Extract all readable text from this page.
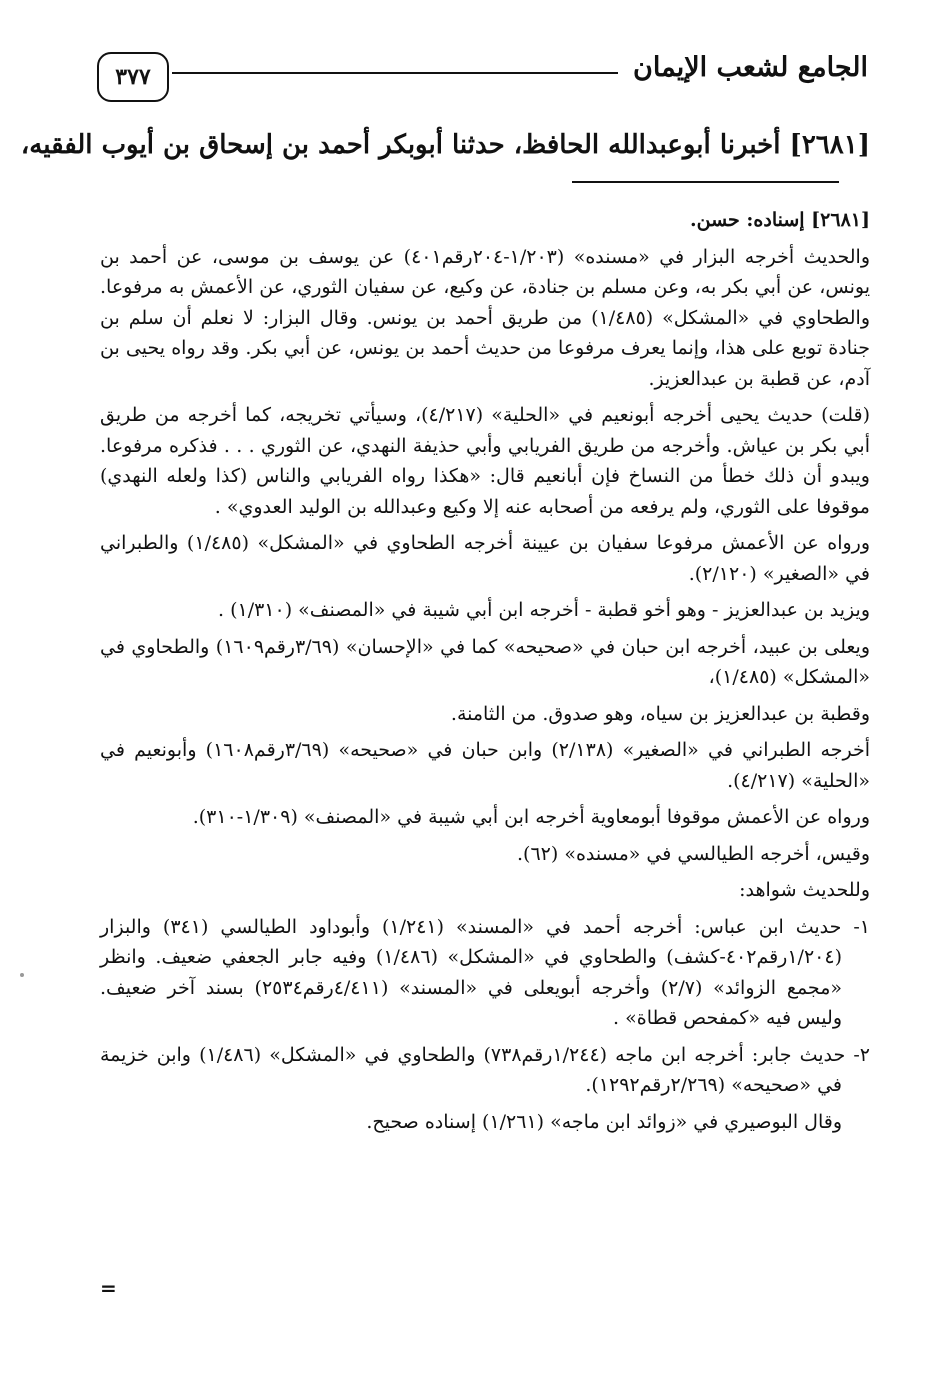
الجامع لشعب الإيمان
٣٧٧
[٢٦٨١] أخبرنا أبوعبدالله الحافظ، حدثنا أبوبكر أحمد بن إسحاق بن أيوب الفقيه،

[٢٦٨١] إسناده: حسن.

والحديث أخرجه البزار في «مسنده» (١/٢٠٣-٢٠٤رقم٤٠١) عن يوسف بن موسى، عن أحمد بن يونس، عن أبي بكر به، وعن مسلم بن جنادة، عن وكيع، عن سفيان الثوري، عن الأعمش به مرفوعا. والطحاوي في «المشكل» (١/٤٨٥) من طريق أحمد بن يونس. وقال البزار: لا نعلم أن سلم بن جنادة توبع على هذا، وإنما يعرف مرفوعا من حديث أحمد بن يونس، عن أبي بكر. وقد رواه يحيى بن آدم، عن قطبة بن عبدالعزيز.

(قلت) حديث يحيى أخرجه أبونعيم في «الحلية» (٤/٢١٧)، وسيأتي تخريجه، كما أخرجه من طريق أبي بكر بن عياش. وأخرجه من طريق الفريابي وأبي حذيفة النهدي، عن الثوري . . . فذكره مرفوعا. ويبدو أن ذلك خطأ من النساخ فإن أبانعيم قال: «هكذا رواه الفريابي والناس (كذا ولعله النهدي) موقوفا على الثوري، ولم يرفعه من أصحابه عنه إلا وكيع وعبدالله بن الوليد العدوي» .

ورواه عن الأعمش مرفوعا سفيان بن عيينة أخرجه الطحاوي في «المشكل» (١/٤٨٥) والطبراني في «الصغير» (٢/١٢٠).

ويزيد بن عبدالعزيز - وهو أخو قطبة - أخرجه ابن أبي شيبة في «المصنف» (١/٣١٠) .

ويعلى بن عبيد، أخرجه ابن حبان في «صحيحه» كما في «الإحسان» (٣/٦٩رقم١٦٠٩) والطحاوي في «المشكل» (١/٤٨٥)،

وقطبة بن عبدالعزيز بن سياه، وهو صدوق. من الثامنة.

أخرجه الطبراني في «الصغير» (٢/١٣٨) وابن حبان في «صحيحه» (٣/٦٩رقم١٦٠٨) وأبونعيم في «الحلية» (٤/٢١٧).

ورواه عن الأعمش موقوفا أبومعاوية أخرجه ابن أبي شيبة في «المصنف» (١/٣٠٩-٣١٠).

وقيس، أخرجه الطيالسي في «مسنده» (٦٢).

وللحديث شواهد:

١- حديث ابن عباس: أخرجه أحمد في «المسند» (١/٢٤١) وأبوداود الطيالسي (٣٤١) والبزار (١/٢٠٤رقم٤٠٢-كشف) والطحاوي في «المشكل» (١/٤٨٦) وفيه جابر الجعفي ضعيف. وانظر «مجمع الزوائد» (٢/٧) وأخرجه أبويعلى في «المسند» (٤/٤١١رقم٢٥٣٤) بسند آخر ضعيف. وليس فيه «كمفحص قطاة» .

٢- حديث جابر: أخرجه ابن ماجه (١/٢٤٤رقم٧٣٨) والطحاوي في «المشكل» (١/٤٨٦) وابن خزيمة في «صحيحه» (٢/٢٦٩رقم١٢٩٢).

وقال البوصيري في «زوائد ابن ماجه» (١/٢٦١) إسناده صحيح.

=
